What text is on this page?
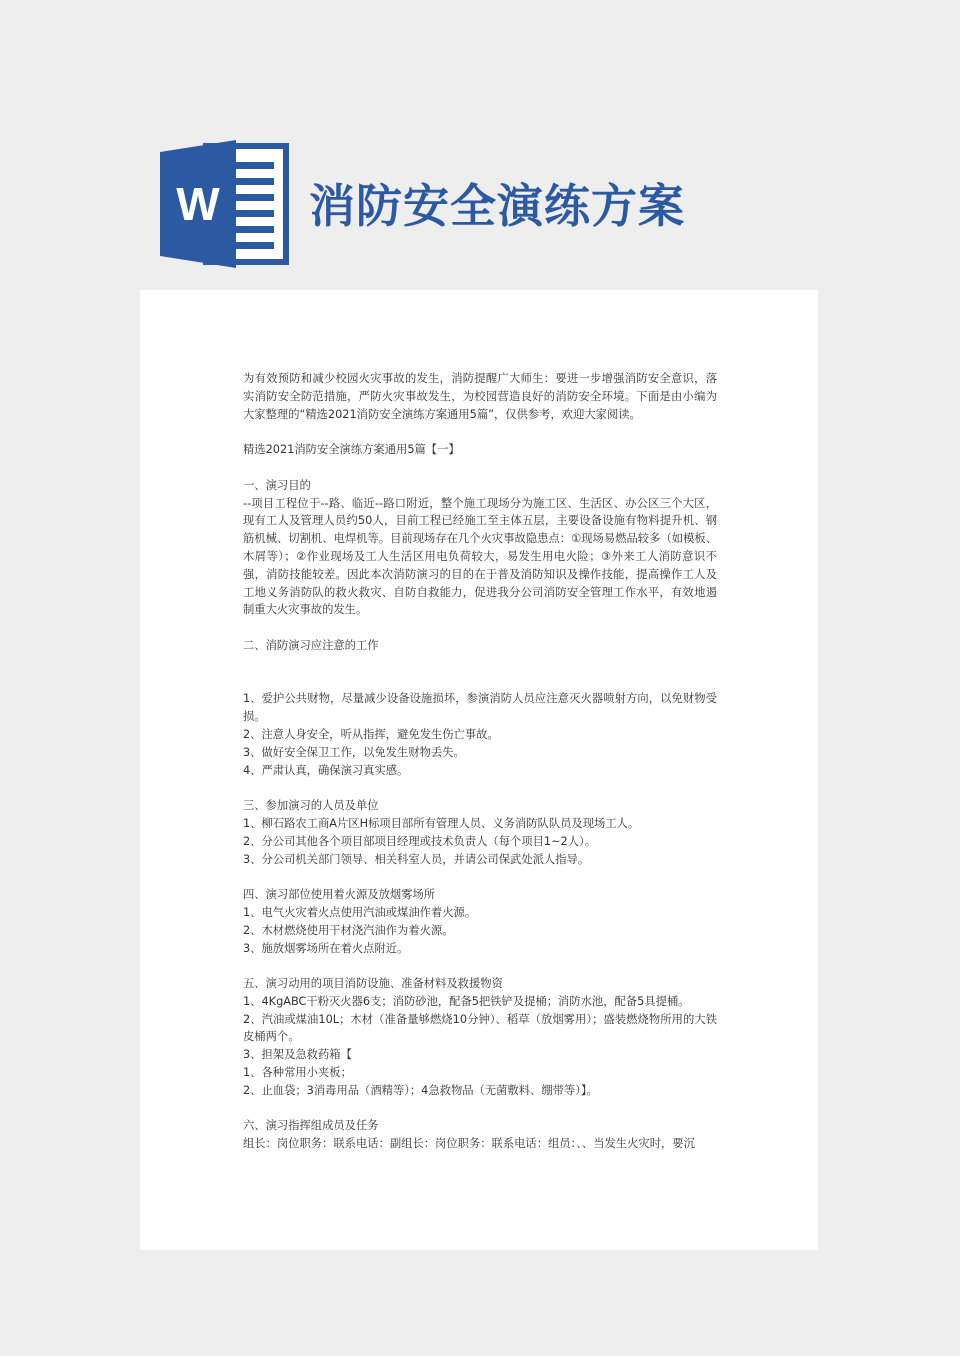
W 消防安全演练方案

为有效预防和减少校园火灾事故的发生，消防提醒广大师生：要进一步增强消防安全意识，落实消防安全防范措施，严防火灾事故发生，为校园营造良好的消防安全环境。下面是由小编为大家整理的“精选2021消防安全演练方案通用5篇”，仅供参考，欢迎大家阅读。

精选2021消防安全演练方案通用5篇【一】

一、演习目的

--项目工程位于--路、临近--路口附近，整个施工现场分为施工区、生活区、办公区三个大区，现有工人及管理人员约50人，目前工程已经施工至主体五层，主要设备设施有物料提升机、钢筋机械、切割机、电焊机等。目前现场存在几个火灾事故隐患点：①现场易燃品较多（如模板、木屑等）；②作业现场及工人生活区用电负荷较大，易发生用电火险；③外来工人消防意识不强，消防技能较差。因此本次消防演习的目的在于普及消防知识及操作技能，提高操作工人及工地义务消防队的救火救灾、自防自救能力，促进我分公司消防安全管理工作水平，有效地遏制重大火灾事故的发生。

二、消防演习应注意的工作

1、爱护公共财物，尽量减少设备设施损坏，参演消防人员应注意灭火器喷射方向，以免财物受损。

2、注意人身安全，听从指挥，避免发生伤亡事故。

3、做好安全保卫工作，以免发生财物丢失。

4、严肃认真，确保演习真实感。

三、参加演习的人员及单位

1、柳石路农工商A片区H标项目部所有管理人员、义务消防队队员及现场工人。

2、分公司其他各个项目部项目经理或技术负责人（每个项目1~2人）。

3、分公司机关部门领导、相关科室人员，并请公司保武处派人指导。

四、演习部位使用着火源及放烟雾场所

1、电气火灾着火点使用汽油或煤油作着火源。

2、木材燃烧使用干材浇汽油作为着火源。

3、施放烟雾场所在着火点附近。

五、演习动用的项目消防设施、准备材料及救援物资

1、4KgABC干粉灭火器6支；消防砂池，配备5把铁铲及提桶；消防水池，配备5具提桶。

2、汽油或煤油10L；木材（准备量够燃烧10分钟）、稻草（放烟雾用）；盛装燃烧物所用的大铁皮桶两个。

3、担架及急救药箱【

1、各种常用小夹板；

2、止血袋；3消毒用品（酒精等）；4急救物品（无菌敷料、绷带等）】。

六、演习指挥组成员及任务

组长：岗位职务：联系电话：副组长：岗位职务：联系电话：组员：、、当发生火灾时，要沉
